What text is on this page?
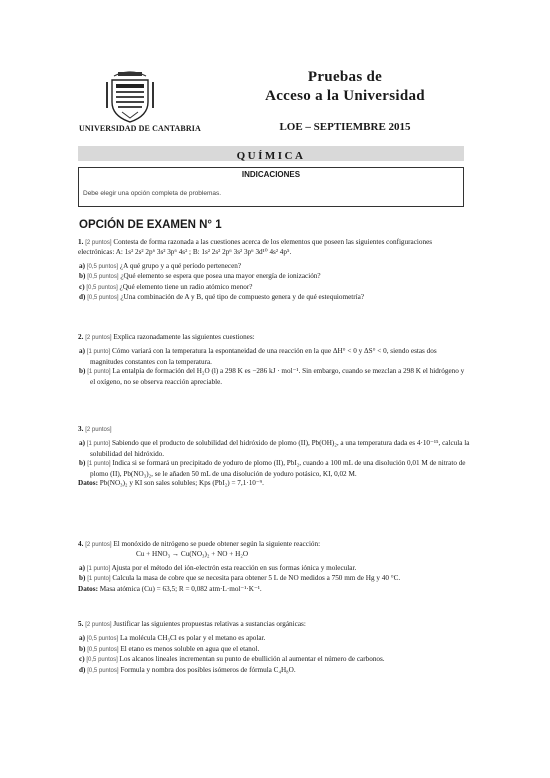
UNIVERSIDAD DE CANTABRIA
Pruebas de
Acceso a la Universidad
LOE – SEPTIEMBRE 2015
QUÍMICA
INDICACIONES
Debe elegir una opción completa de problemas.
OPCIÓN DE EXAMEN N° 1

1. [2 puntos] Contesta de forma razonada a las cuestiones acerca de los elementos que poseen las siguientes configuraciones electrónicas: A: 1s² 2s² 2p⁶ 3s² 3p⁶ 4s² ; B: 1s² 2s² 2p⁶ 3s² 3p⁶ 3d¹⁰ 4s² 4p⁵.

a) [0,5 puntos] ¿A qué grupo y a qué período pertenecen?

b) [0,5 puntos] ¿Qué elemento se espera que posea una mayor energía de ionización?

c) [0,5 puntos] ¿Qué elemento tiene un radio atómico menor?

d) [0,5 puntos] ¿Una combinación de A y B, qué tipo de compuesto genera y de qué estequiometría?

2. [2 puntos] Explica razonadamente las siguientes cuestiones:

a) [1 punto] Cómo variará con la temperatura la espontaneidad de una reacción en la que ΔH° < 0 y ΔS° < 0, siendo estas dos magnitudes constantes con la temperatura.

b) [1 punto] La entalpía de formación del H₂O (l) a 298 K es −286 kJ · mol⁻¹. Sin embargo, cuando se mezclan a 298 K el hidrógeno y el oxígeno, no se observa reacción apreciable.

3. [2 puntos]

a) [1 punto] Sabiendo que el producto de solubilidad del hidróxido de plomo (II), Pb(OH)₂, a una temperatura dada es 4·10⁻¹⁵, calcula la solubilidad del hidróxido.

b) [1 punto] Indica si se formará un precipitado de yoduro de plomo (II), PbI₂, cuando a 100 mL de una disolución 0,01 M de nitrato de plomo (II), Pb(NO₃)₂, se le añaden 50 mL de una disolución de yoduro potásico, KI, 0,02 M.

Datos: Pb(NO₃)₂ y KI son sales solubles; Kps (PbI₂) = 7,1·10⁻⁹.

4. [2 puntos] El monóxido de nitrógeno se puede obtener según la siguiente reacción:

Cu + HNO₃ → Cu(NO₃)₂ + NO + H₂O

a) [1 punto] Ajusta por el método del ión-electrón esta reacción en sus formas iónica y molecular.

b) [1 punto] Calcula la masa de cobre que se necesita para obtener 5 L de NO medidos a 750 mm de Hg y 40 °C.

Datos: Masa atómica (Cu) = 63,5; R = 0,082 atm·L·mol⁻¹·K⁻¹.

5. [2 puntos] Justificar las siguientes propuestas relativas a sustancias orgánicas:

a) [0,5 puntos] La molécula CH₃Cl es polar y el metano es apolar.

b) [0,5 puntos] El etano es menos soluble en agua que el etanol.

c) [0,5 puntos] Los alcanos lineales incrementan su punto de ebullición al aumentar el número de carbonos.

d) [0,5 puntos] Formula y nombra dos posibles isómeros de fórmula C₄H₈O.
